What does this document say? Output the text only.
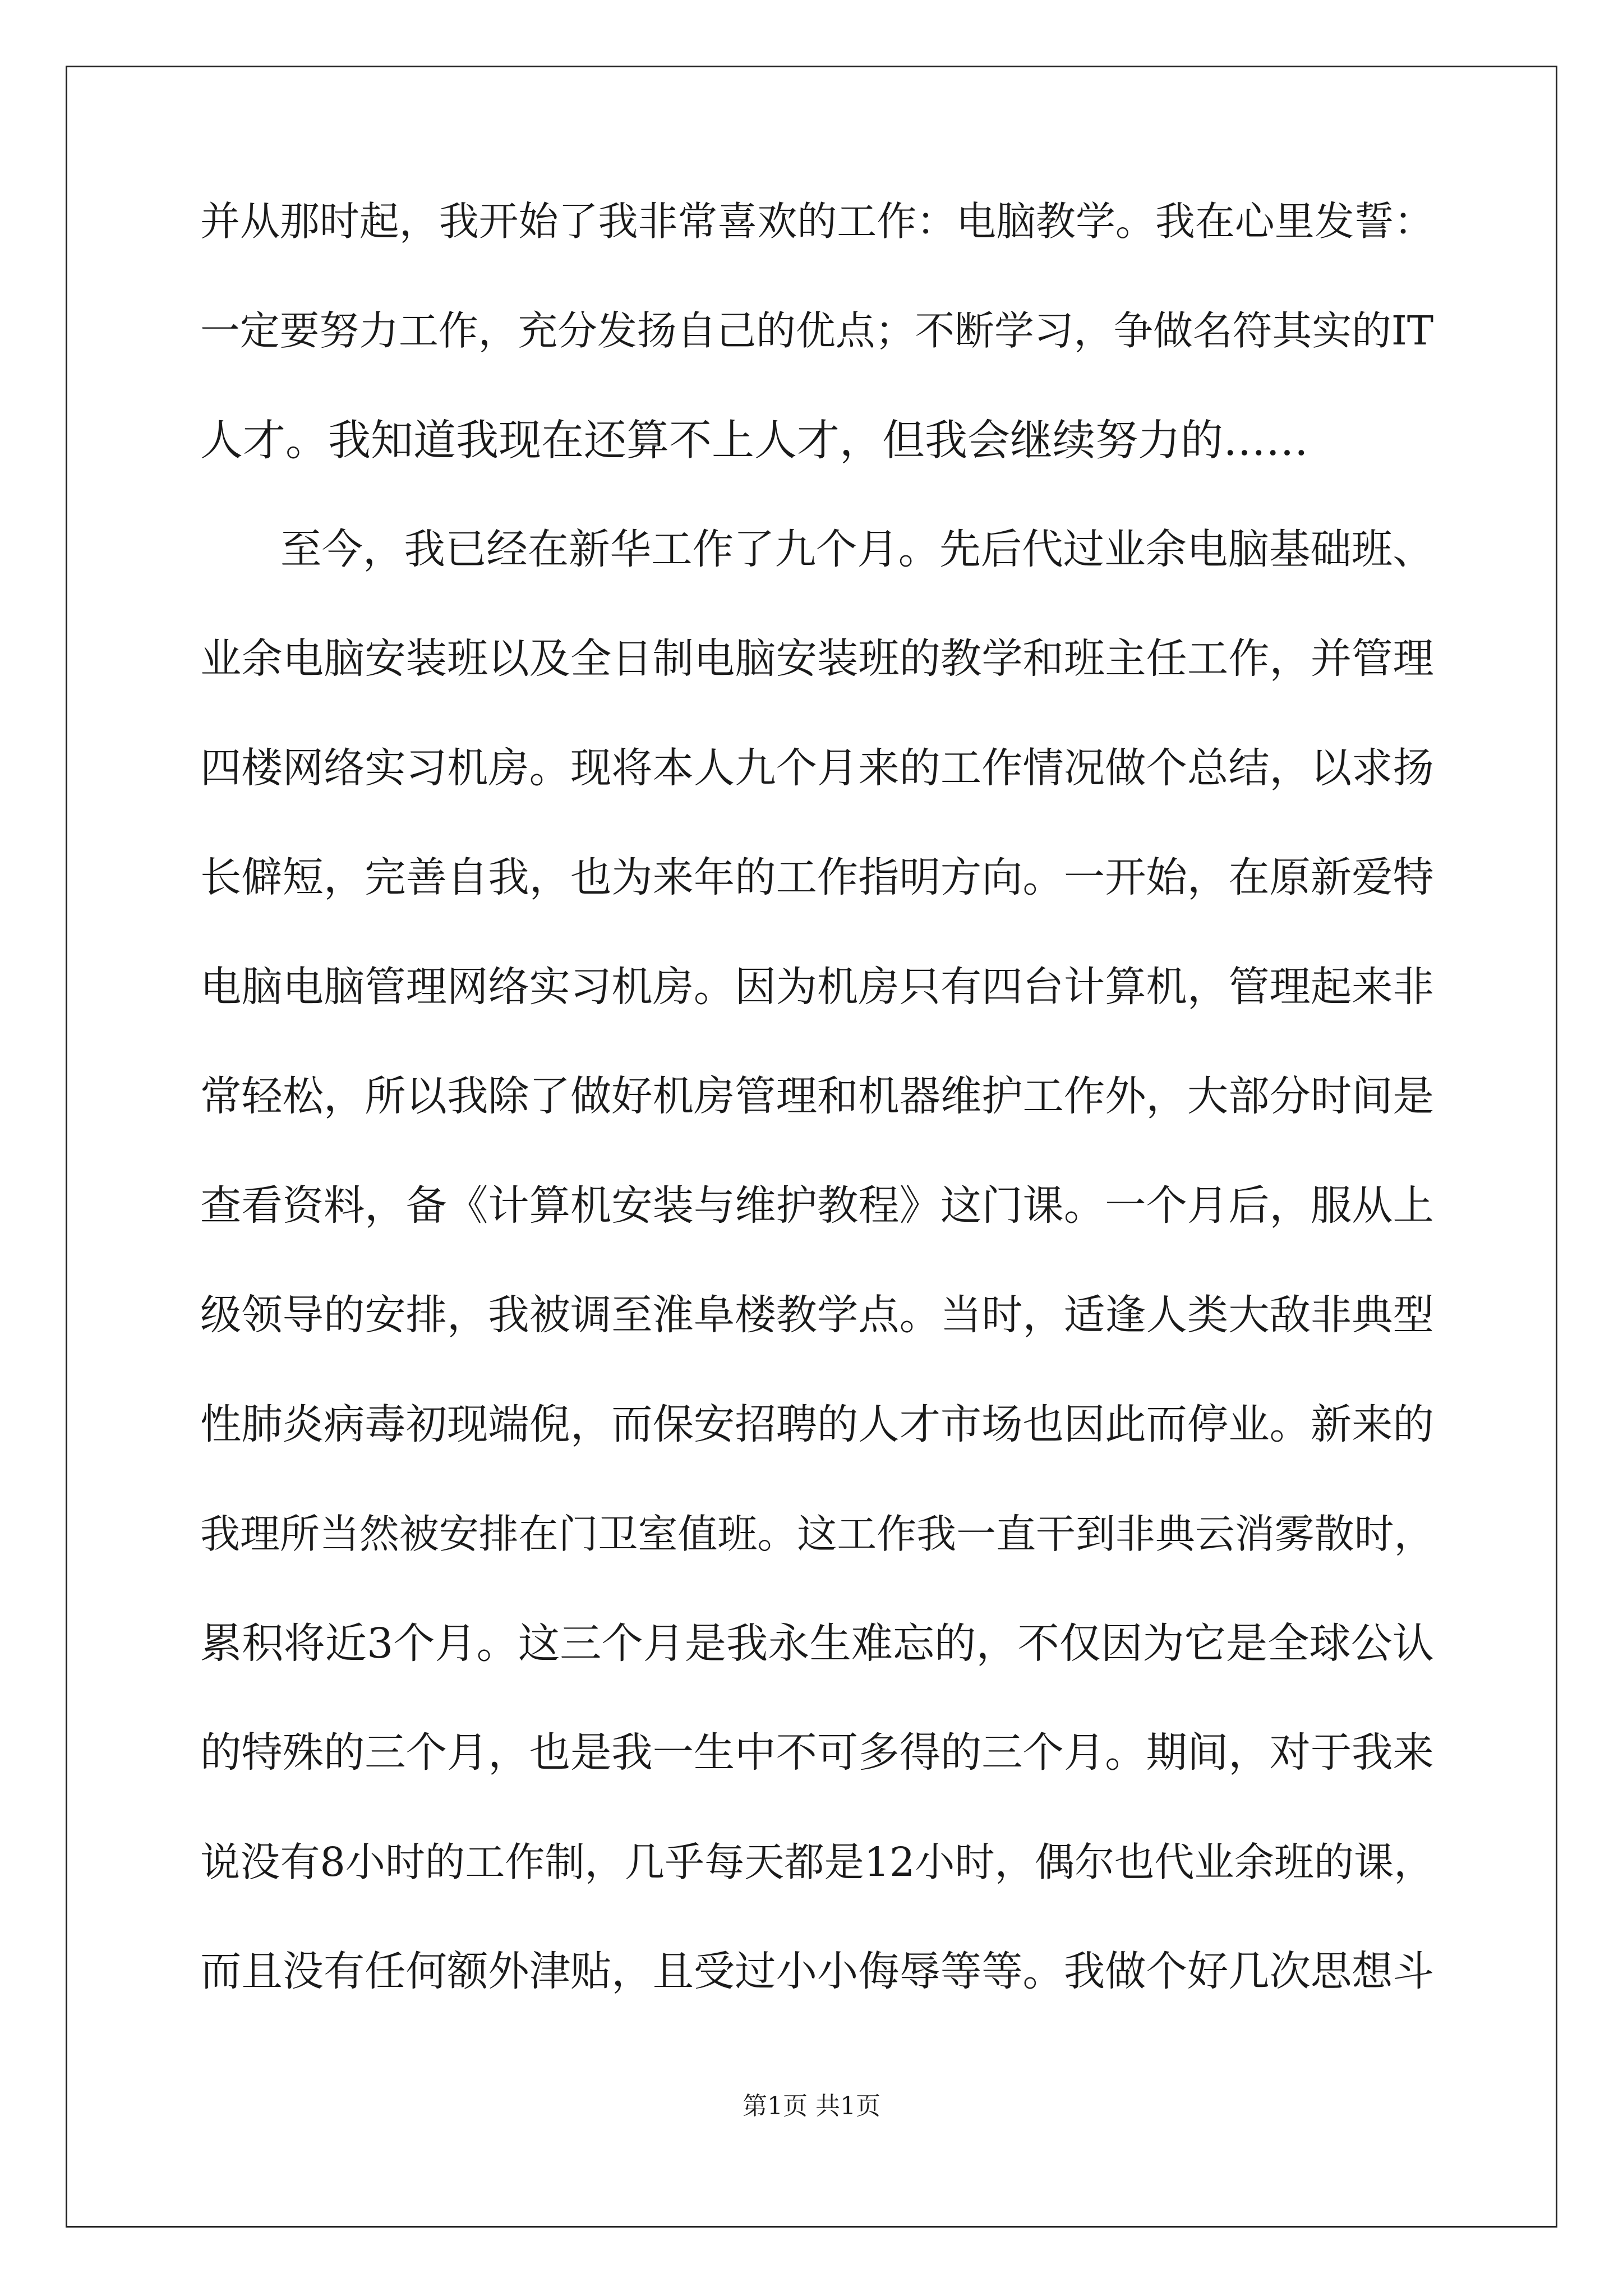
并从那时起，我开始了我非常喜欢的工作：电脑教学。我在心里发誓：
一定要努力工作，充分发扬自己的优点；不断学习，争做名符其实的IT
人才。我知道我现在还算不上人才，但我会继续努力的……
至今，我已经在新华工作了九个月。先后代过业余电脑基础班、
业余电脑安装班以及全日制电脑安装班的教学和班主任工作，并管理
四楼网络实习机房。现将本人九个月来的工作情况做个总结，以求扬
长僻短，完善自我，也为来年的工作指明方向。一开始，在原新爱特
电脑电脑管理网络实习机房。因为机房只有四台计算机，管理起来非
常轻松，所以我除了做好机房管理和机器维护工作外，大部分时间是
查看资料，备《计算机安装与维护教程》这门课。一个月后，服从上
级领导的安排，我被调至淮阜楼教学点。当时，适逢人类大敌非典型
性肺炎病毒初现端倪，而保安招聘的人才市场也因此而停业。新来的
我理所当然被安排在门卫室值班。这工作我一直干到非典云消雾散时，
累积将近3个月。这三个月是我永生难忘的，不仅因为它是全球公认
的特殊的三个月，也是我一生中不可多得的三个月。期间，对于我来
说没有8小时的工作制，几乎每天都是12小时，偶尔也代业余班的课，
而且没有任何额外津贴，且受过小小侮辱等等。我做个好几次思想斗
第1页 共1页
